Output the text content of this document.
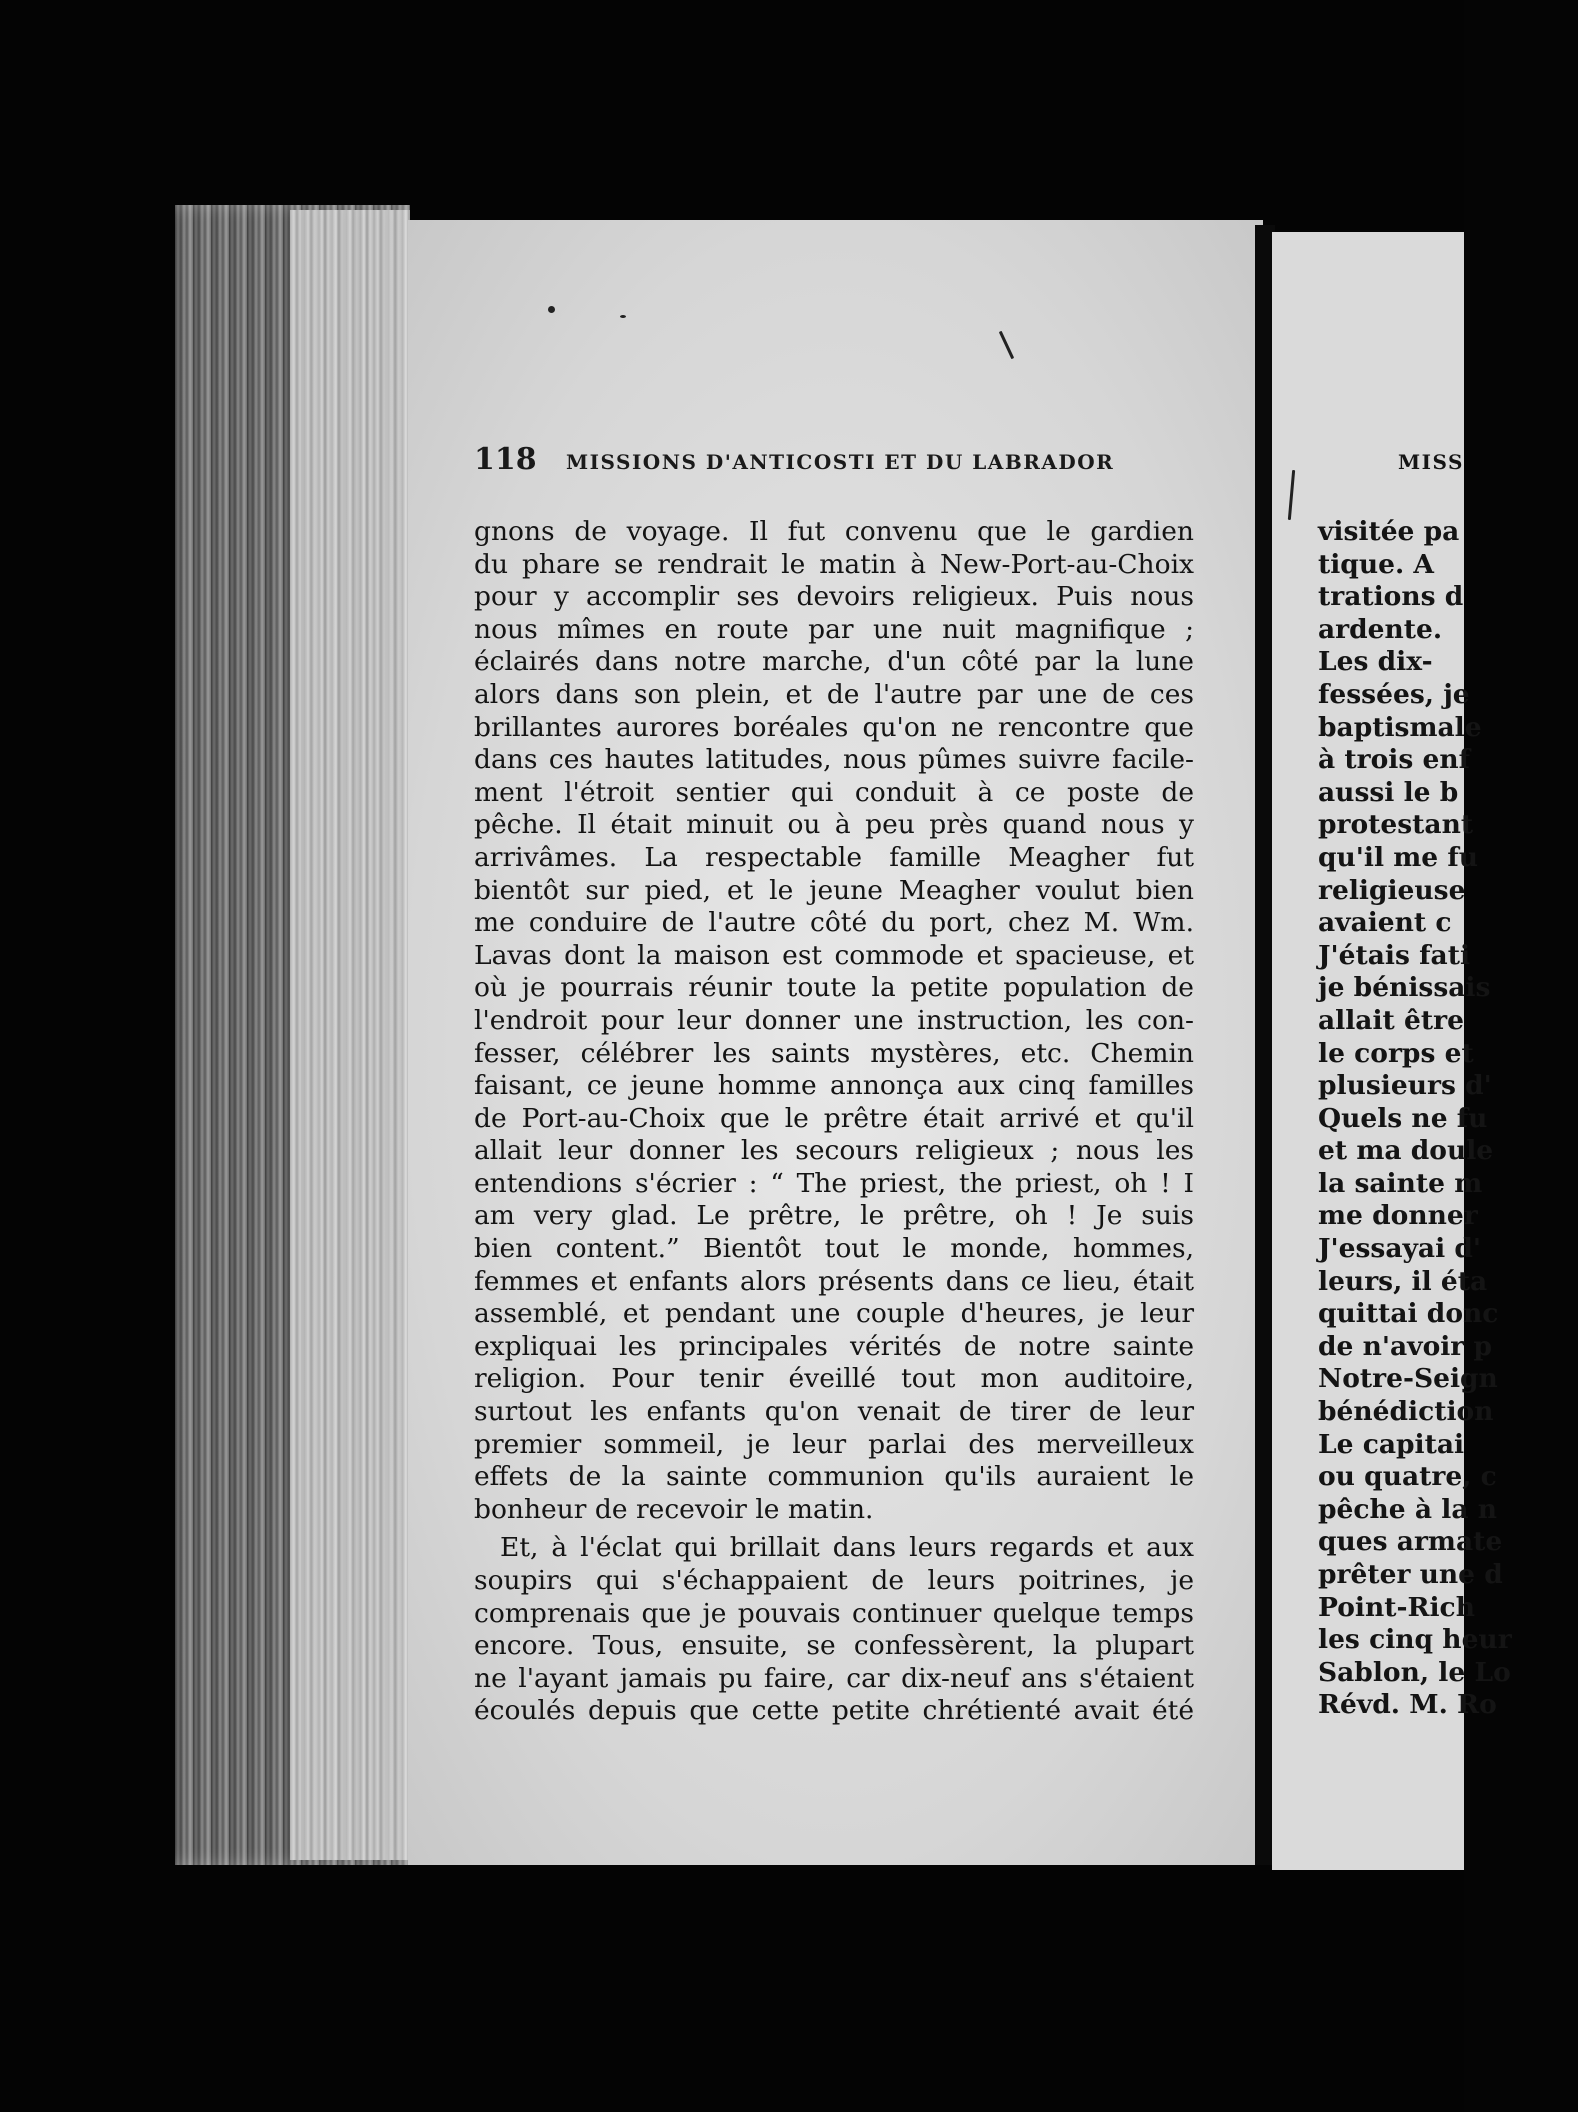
118 MISSIONS D'ANTICOSTI ET DU LABRADOR
gnons de voyage. Il fut convenu que le gardien
du phare se rendrait le matin à New-Port-au-Choix
pour y accomplir ses devoirs religieux. Puis nous
nous mîmes en route par une nuit magnifique ;
éclairés dans notre marche, d'un côté par la lune
alors dans son plein, et de l'autre par une de ces
brillantes aurores boréales qu'on ne rencontre que
dans ces hautes latitudes, nous pûmes suivre facile-
ment l'étroit sentier qui conduit à ce poste de
pêche. Il était minuit ou à peu près quand nous y
arrivâmes. La respectable famille Meagher fut
bientôt sur pied, et le jeune Meagher voulut bien
me conduire de l'autre côté du port, chez M. Wm.
Lavas dont la maison est commode et spacieuse, et
où je pourrais réunir toute la petite population de
l'endroit pour leur donner une instruction, les con-
fesser, célébrer les saints mystères, etc. Chemin
faisant, ce jeune homme annonça aux cinq familles
de Port-au-Choix que le prêtre était arrivé et qu'il
allait leur donner les secours religieux ; nous les
entendions s'écrier : “ The priest, the priest, oh ! I
am very glad. Le prêtre, le prêtre, oh ! Je suis
bien content.” Bientôt tout le monde, hommes,
femmes et enfants alors présents dans ce lieu, était
assemblé, et pendant une couple d'heures, je leur
expliquai les principales vérités de notre sainte
religion. Pour tenir éveillé tout mon auditoire,
surtout les enfants qu'on venait de tirer de leur
premier sommeil, je leur parlai des merveilleux
effets de la sainte communion qu'ils auraient le
bonheur de recevoir le matin.
Et, à l'éclat qui brillait dans leurs regards et aux
soupirs qui s'échappaient de leurs poitrines, je
comprenais que je pouvais continuer quelque temps
encore. Tous, ensuite, se confessèrent, la plupart
ne l'ayant jamais pu faire, car dix-neuf ans s'étaient
écoulés depuis que cette petite chrétienté avait été
MISS
visitée pa
tique. A
trations d
ardente.
Les dix-
fessées, je
baptismale
à trois enf
aussi le b
protestant
qu'il me fu
religieuse
avaient c
J'étais fati
je bénissais
allait être
le corps et
plusieurs d'
Quels ne fu
et ma doule
la sainte m
me donner
J'essayai d'
leurs, il éta
quittai donc
de n'avoir p
Notre-Seign
bénédiction
Le capitai
ou quatre, c
pêche à la n
ques armate
prêter une d
Point-Rich
les cinq heur
Sablon, le Lo
Révd. M. Ro
